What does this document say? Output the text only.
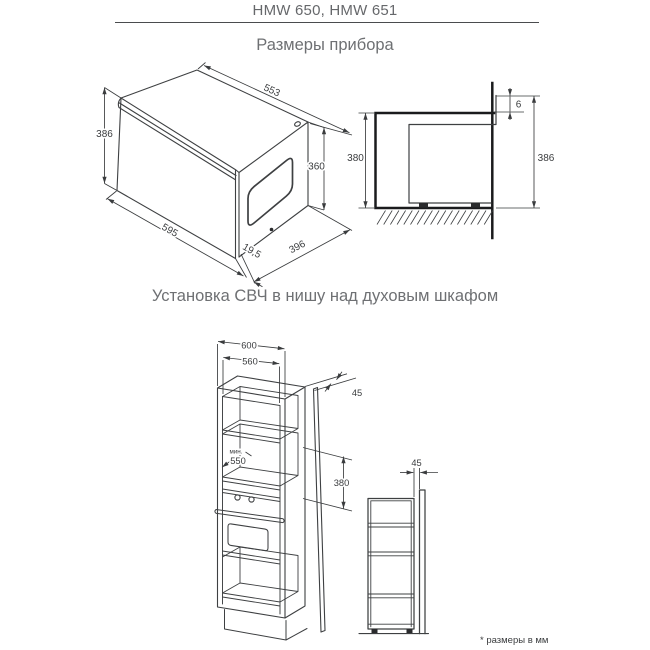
HMW 650, HMW 651
Размеры прибора
Установка СВЧ в нишу над духовым шкафом
* размеры в мм
553
386
360
595
19,5 396
380	386
6
600
560
45
380
мин.
550	45
